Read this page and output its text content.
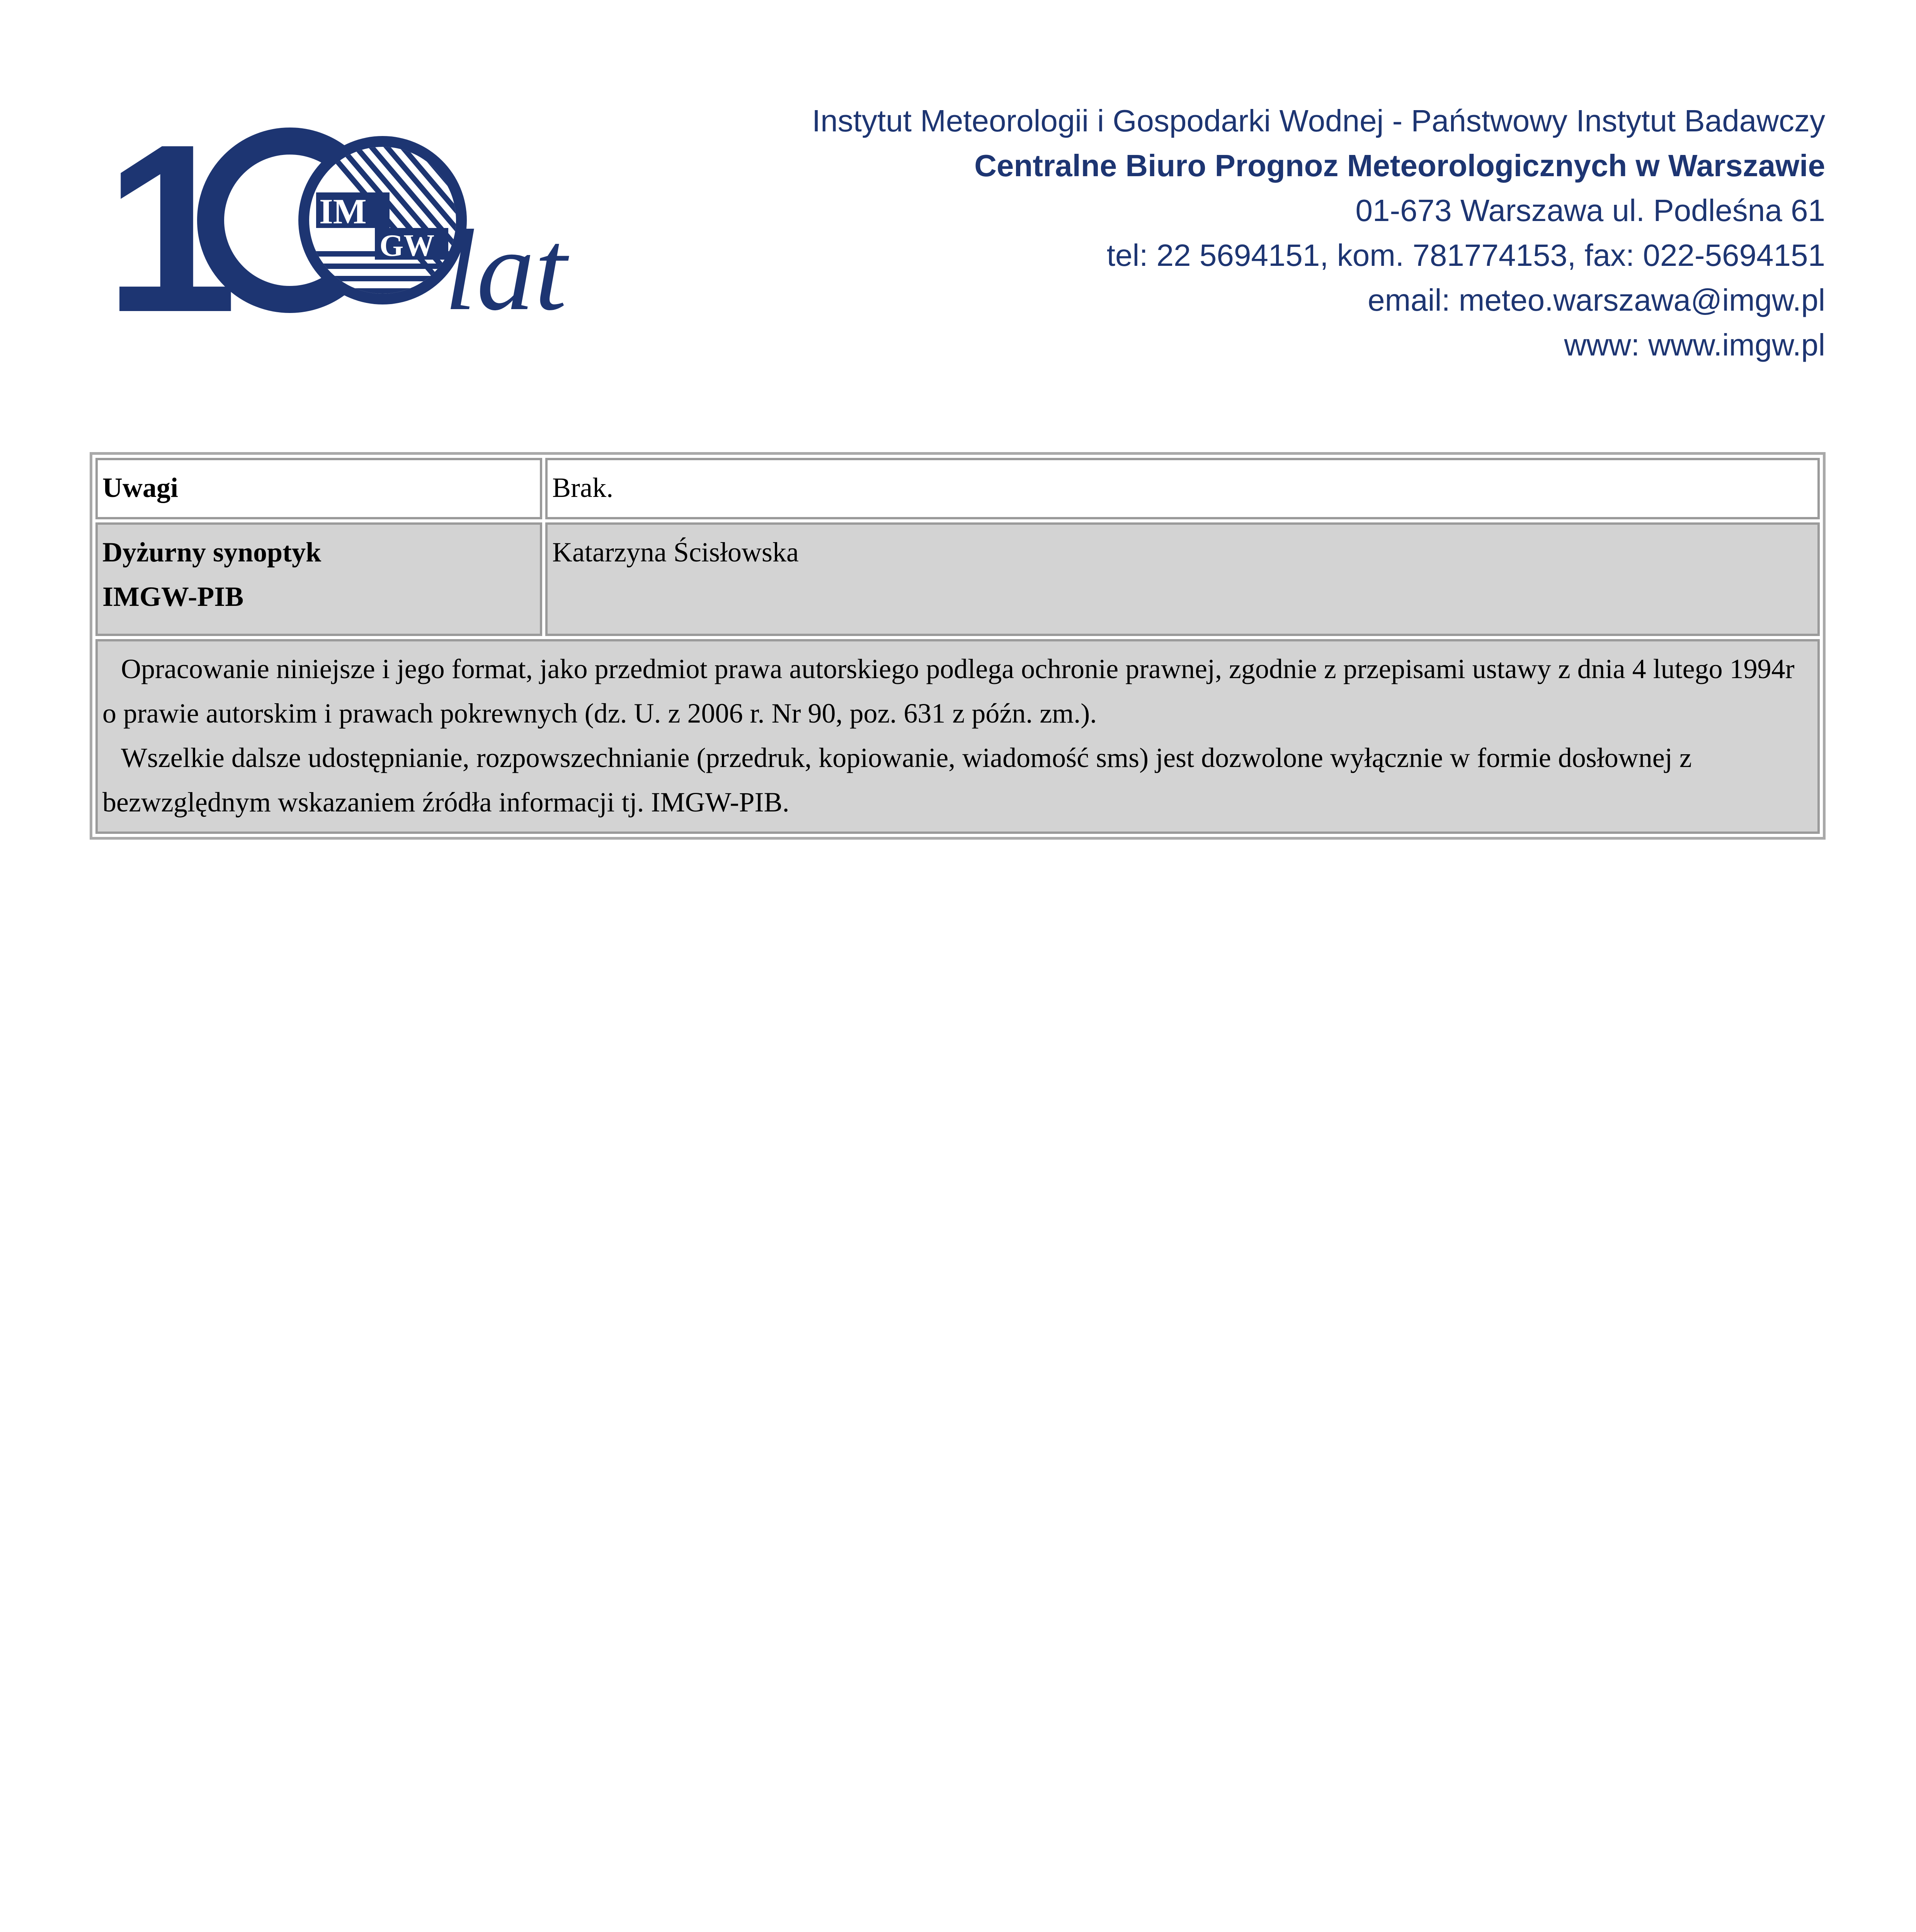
1	IM
GW lat
Instytut Meteorologii i Gospodarki Wodnej - Państwowy Instytut Badawczy
Centralne Biuro Prognoz Meteorologicznych w Warszawie
01-673 Warszawa ul. Podleśna 61
tel: 22 5694151, kom. 781774153, fax: 022-5694151
email: meteo.warszawa@imgw.pl
www: www.imgw.pl
Uwagi	Brak.

Dyżurny synoptyk
IMGW-PIB	Katarzyna Ścisłowska

Opracowanie niniejsze i jego format, jako przedmiot prawa autorskiego podlega ochronie prawnej, zgodnie z przepisami ustawy z dnia 4 lutego 1994r o prawie autorskim i prawach pokrewnych (dz. U. z 2006 r. Nr 90, poz. 631 z późn. zm.).

Wszelkie dalsze udostępnianie, rozpowszechnianie (przedruk, kopiowanie, wiadomość sms) jest dozwolone wyłącznie w formie dosłownej z bezwzględnym wskazaniem źródła informacji tj. IMGW-PIB.	
